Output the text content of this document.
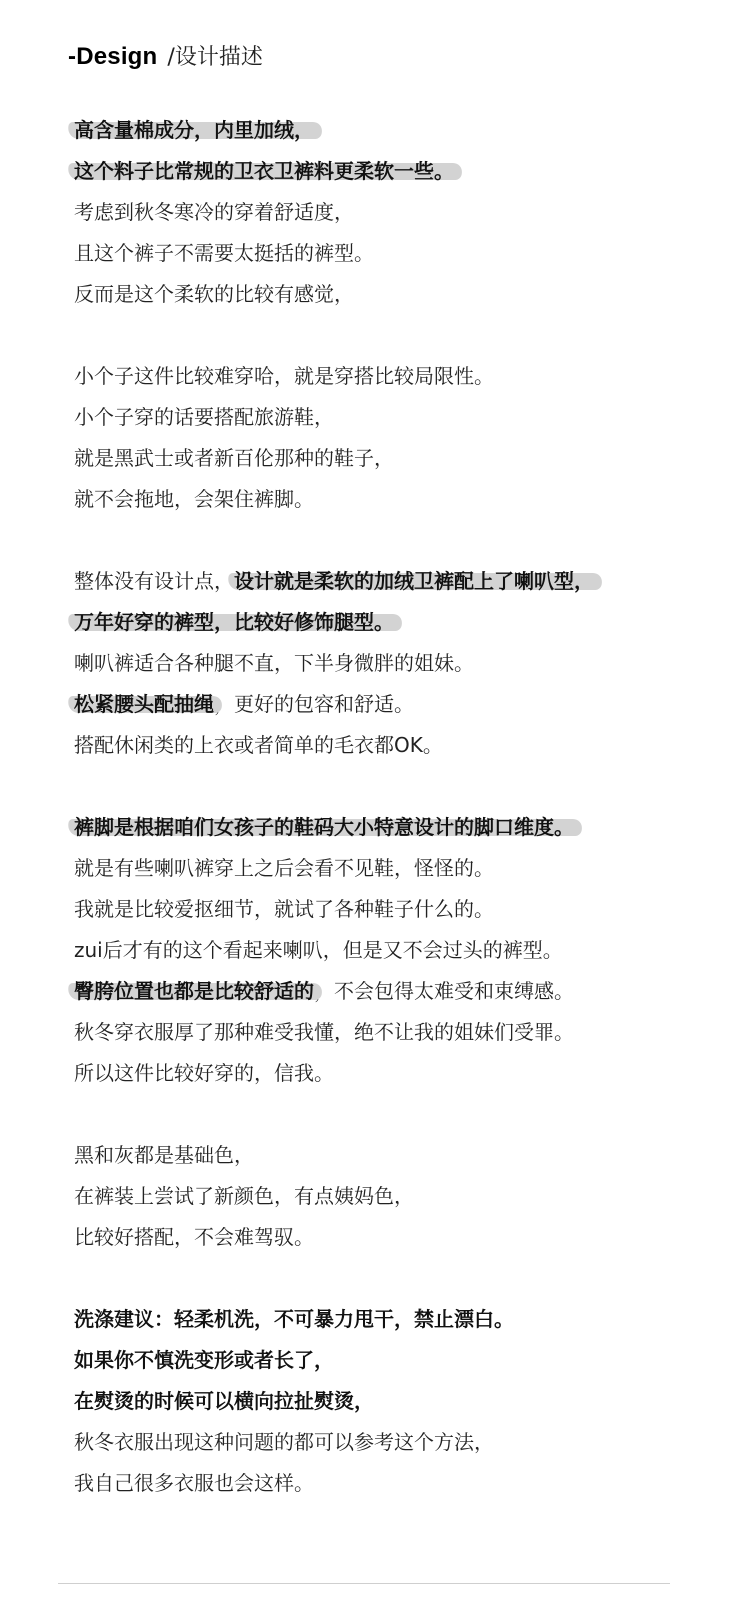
-Design /设计描述
高含量棉成分，内里加绒，
这个料子比常规的卫衣卫裤料更柔软一些。
考虑到秋冬寒冷的穿着舒适度，
且这个裤子不需要太挺括的裤型。
反而是这个柔软的比较有感觉，
小个子这件比较难穿哈，就是穿搭比较局限性。
小个子穿的话要搭配旅游鞋，
就是黑武士或者新百伦那种的鞋子，
就不会拖地，会架住裤脚。
整体没有设计点，设计就是柔软的加绒卫裤配上了喇叭型，
万年好穿的裤型，比较好修饰腿型。
喇叭裤适合各种腿不直，下半身微胖的姐妹。
松紧腰头配抽绳，更好的包容和舒适。
搭配休闲类的上衣或者简单的毛衣都OK。
裤脚是根据咱们女孩子的鞋码大小特意设计的脚口维度。
就是有些喇叭裤穿上之后会看不见鞋，怪怪的。
我就是比较爱抠细节，就试了各种鞋子什么的。
zui后才有的这个看起来喇叭，但是又不会过头的裤型。
臀胯位置也都是比较舒适的，不会包得太难受和束缚感。
秋冬穿衣服厚了那种难受我懂，绝不让我的姐妹们受罪。
所以这件比较好穿的，信我。
黑和灰都是基础色，
在裤装上尝试了新颜色，有点姨妈色，
比较好搭配，不会难驾驭。
洗涤建议：轻柔机洗，不可暴力甩干，禁止漂白。
如果你不慎洗变形或者长了，
在熨烫的时候可以横向拉扯熨烫，
秋冬衣服出现这种问题的都可以参考这个方法，
我自己很多衣服也会这样。
